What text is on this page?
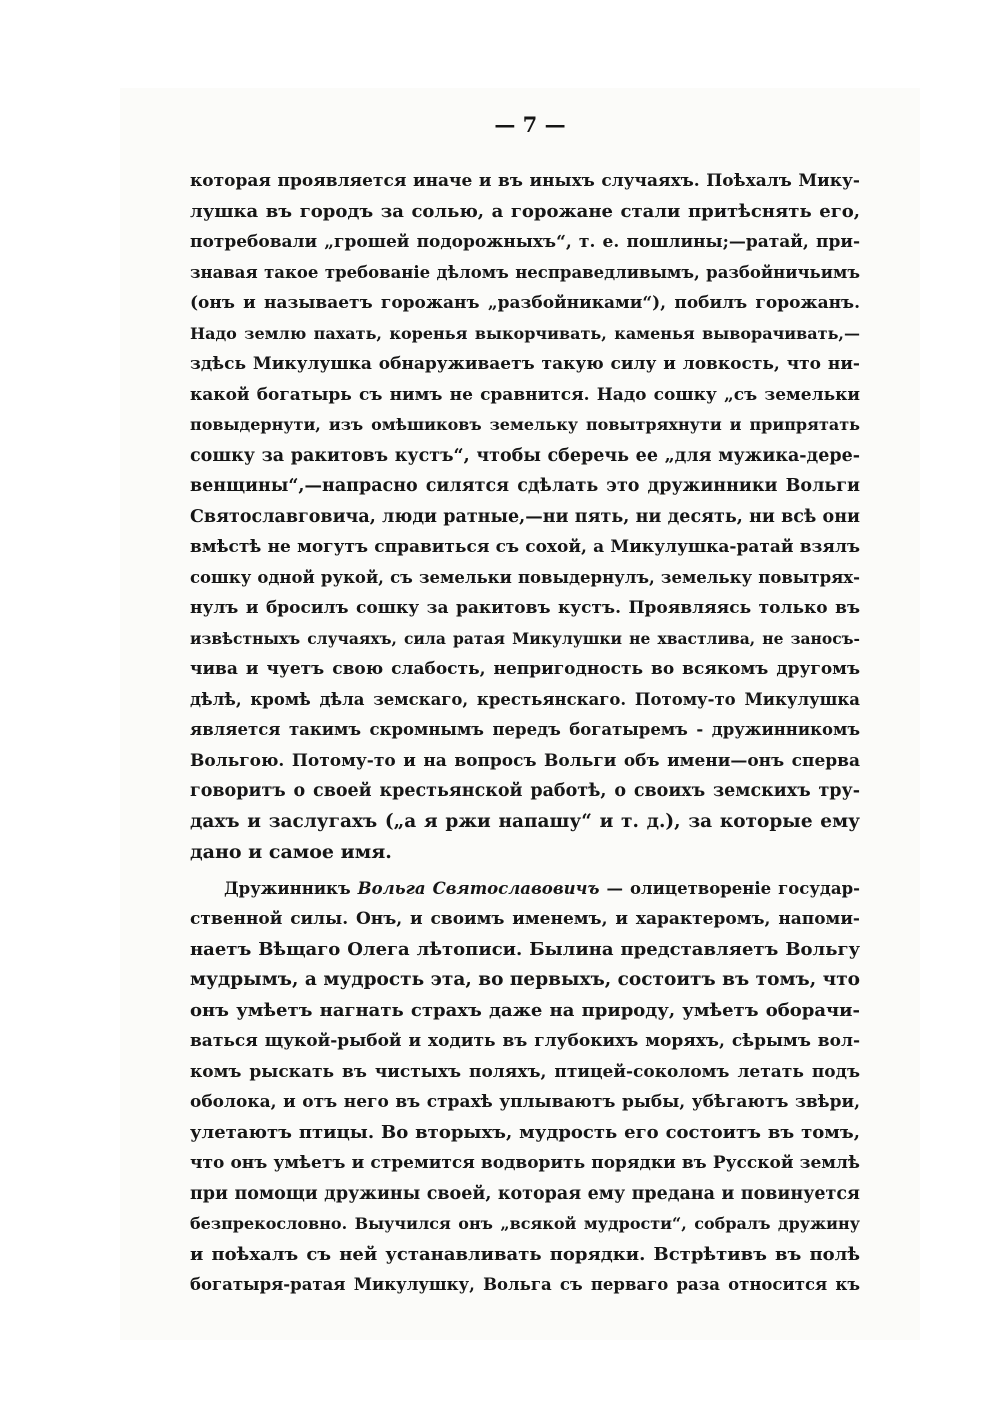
— 7 —
которая проявляется иначе и въ иныхъ случаяхъ. Поѣхалъ Мику-
лушка въ городъ за солью, а горожане стали притѣснять его,
потребовали „грошей подорожныхъ“, т. е. пошлины;—ратай, при-
знавая такое требованіе дѣломъ несправедливымъ, разбойничьимъ
(онъ и называетъ горожанъ „разбойниками“), побилъ горожанъ.
Надо землю пахать, коренья выкорчивать, каменья выворачивать,—
здѣсь Микулушка обнаруживаетъ такую силу и ловкость, что ни-
какой богатырь съ нимъ не сравнится. Надо сошку „съ земельки
повыдернути, изъ омѣшиковъ земельку повытряхнути и припрятать
сошку за ракитовъ кустъ“, чтобы сберечь ее „для мужика-дере-
венщины“,—напрасно силятся сдѣлать это дружинники Вольги
Святославговича, люди ратные,—ни пять, ни десять, ни всѣ они
вмѣстѣ не могутъ справиться съ сохой, а Микулушка-ратай взялъ
сошку одной рукой, съ земельки повыдернулъ, земельку повытрях-
нулъ и бросилъ сошку за ракитовъ кустъ. Проявляясь только въ
извѣстныхъ случаяхъ, сила ратая Микулушки не хвастлива, не заносъ-
чива и чуетъ свою слабость, непригодность во всякомъ другомъ
дѣлѣ, кромѣ дѣла земскаго, крестьянскаго. Потому-то Микулушка
является такимъ скромнымъ передъ богатыремъ - дружинникомъ
Вольгою. Потому-то и на вопросъ Вольги объ имени—онъ сперва
говоритъ о своей крестьянской работѣ, о своихъ земскихъ тру-
дахъ и заслугахъ („а я ржи напашу“ и т. д.), за которые ему
дано и самое имя.
Дружинникъ Вольга Святославовичъ — олицетвореніе государ-
ственной силы. Онъ, и своимъ именемъ, и характеромъ, напоми-
наетъ Вѣщаго Олега лѣтописи. Былина представляетъ Вольгу
мудрымъ, а мудрость эта, во первыхъ, состоитъ въ томъ, что
онъ умѣетъ нагнать страхъ даже на природу, умѣетъ оборачи-
ваться щукой-рыбой и ходить въ глубокихъ моряхъ, сѣрымъ вол-
комъ рыскать въ чистыхъ поляхъ, птицей-соколомъ летать подъ
оболока, и отъ него въ страхѣ уплываютъ рыбы, убѣгаютъ звѣри,
улетаютъ птицы. Во вторыхъ, мудрость его состоитъ въ томъ,
что онъ умѣетъ и стремится водворить порядки въ Русской землѣ
при помощи дружины своей, которая ему предана и повинуется
безпрекословно. Выучился онъ „всякой мудрости“, собралъ дружину
и поѣхалъ съ ней устанавливать порядки. Встрѣтивъ въ полѣ
богатыря-ратая Микулушку, Вольга съ перваго раза относится къ
